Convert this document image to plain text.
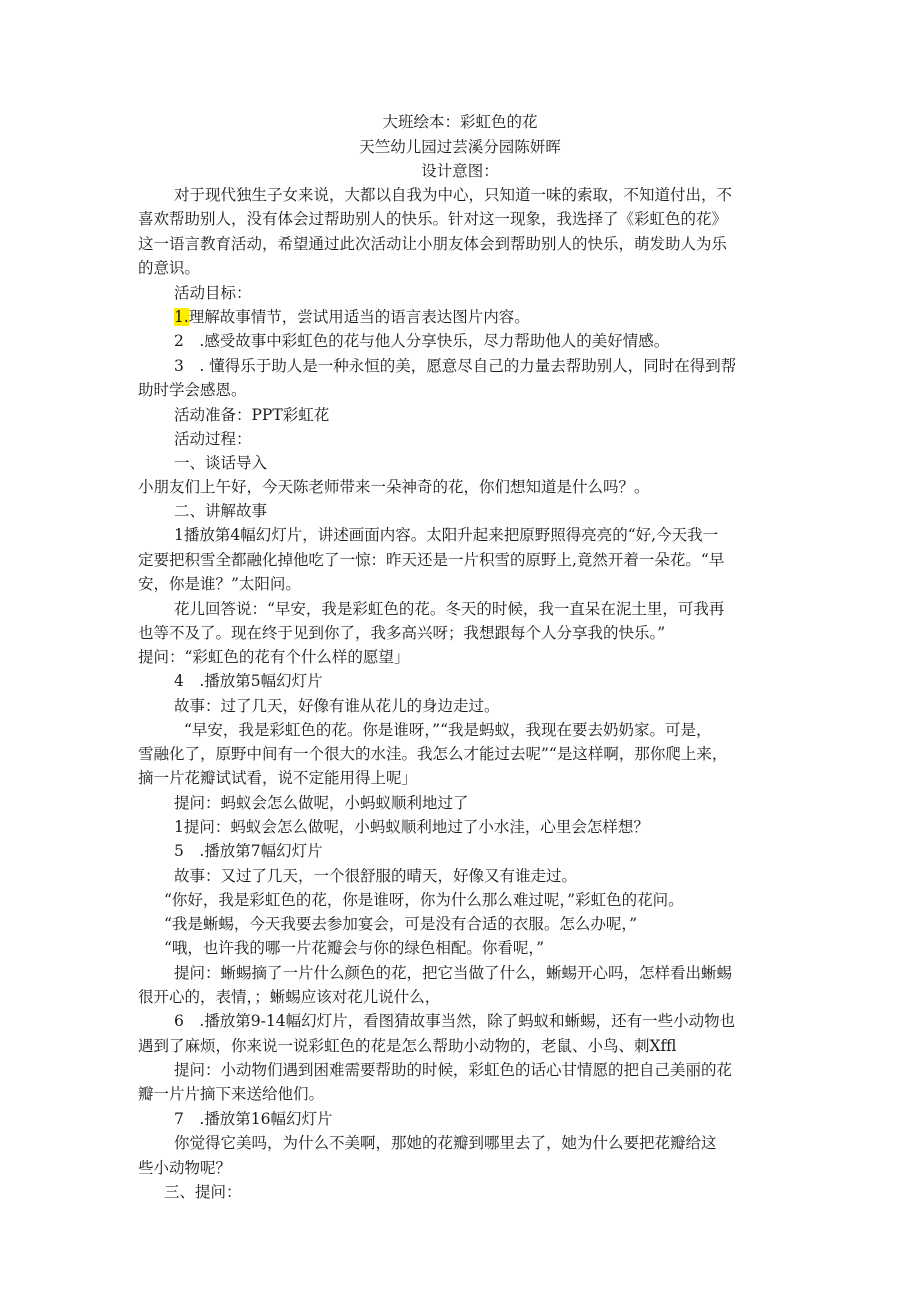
大班绘本：彩虹色的花
天竺幼儿园过芸溪分园陈妍晖
设计意图：
对于现代独生子女来说，大都以自我为中心，只知道一味的索取，不知道付出，不
喜欢帮助别人，没有体会过帮助别人的快乐。针对这一现象，我选择了《彩虹色的花》
这一语言教育活动，希望通过此次活动让小朋友体会到帮助别人的快乐，萌发助人为乐
的意识。
活动目标：
1.理解故事情节，尝试用适当的语言表达图片内容。
2　.感受故事中彩虹色的花与他人分享快乐，尽力帮助他人的美好情感。
3　. 懂得乐于助人是一种永恒的美，愿意尽自己的力量去帮助别人，同时在得到帮
助时学会感恩。
活动准备：PPT彩虹花
活动过程：
一、谈话导入
小朋友们上午好，今天陈老师带来一朵神奇的花，你们想知道是什么吗？。
二、讲解故事
1播放第4幅幻灯片，讲述画面内容。太阳升起来把原野照得亮亮的“好,今天我一
定要把积雪全都融化掉他吃了一惊：昨天还是一片积雪的原野上,竟然开着一朵花。“早
安，你是谁？”太阳问。
花儿回答说：“早安，我是彩虹色的花。冬天的时候，我一直呆在泥土里，可我再
也等不及了。现在终于见到你了，我多高兴呀；我想跟每个人分享我的快乐。”
提问：“彩虹色的花有个什么样的愿望」
4　.播放第5幅幻灯片
故事：过了几天，好像有谁从花儿的身边走过。
“早安，我是彩虹色的花。你是谁呀，”“我是蚂蚁，我现在要去奶奶家。可是，
雪融化了，原野中间有一个很大的水洼。我怎么才能过去呢”“是这样啊，那你爬上来，
摘一片花瓣试试看，说不定能用得上呢」
提问：蚂蚁会怎么做呢，小蚂蚁顺利地过了
1提问：蚂蚁会怎么做呢，小蚂蚁顺利地过了小水洼，心里会怎样想？
5　.播放第7幅幻灯片
故事：又过了几天，一个很舒服的晴天，好像又有谁走过。
“你好，我是彩虹色的花，你是谁呀，你为什么那么难过呢，”彩虹色的花问。
“我是蜥蜴，今天我要去参加宴会，可是没有合适的衣服。怎么办呢，”
“哦，也许我的哪一片花瓣会与你的绿色相配。你看呢，”
提问：蜥蜴摘了一片什么颜色的花，把它当做了什么，蜥蜴开心吗，怎样看出蜥蜴
很开心的，表情，；蜥蜴应该对花儿说什么，
6　.播放第9-14幅幻灯片，看图猜故事当然，除了蚂蚁和蜥蜴，还有一些小动物也
遇到了麻烦，你来说一说彩虹色的花是怎么帮助小动物的，老鼠、小鸟、刺Xffl
提问：小动物们遇到困难需要帮助的时候，彩虹色的话心甘情愿的把自己美丽的花
瓣一片片摘下来送给他们。
7　.播放第16幅幻灯片
你觉得它美吗，为什么不美啊，那她的花瓣到哪里去了，她为什么要把花瓣给这
些小动物呢？
三、提问：
